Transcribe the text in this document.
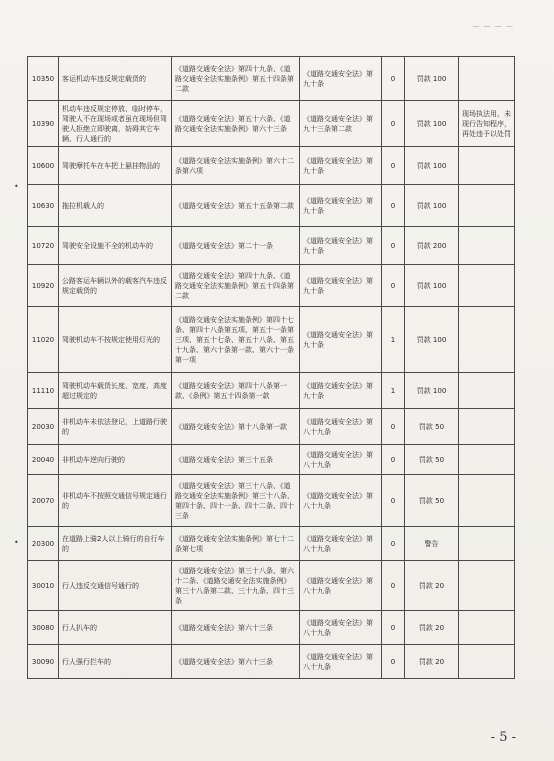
— — — —
•
•
10350	客运机动车违反规定载货的	《道路交通安全法》第四十九条、《道路交通安全法实施条例》第五十四条第二款	《道路交通安全法》第九十条	0	罚款 100	
10390	机动车违反规定停放、临时停车，驾驶人不在现场或者虽在现场但驾驶人拒绝立即驶离，妨碍其它车辆、行人通行的	《道路交通安全法》第五十六条、《道路交通安全法实施条例》第六十三条	《道路交通安全法》第九十三条第二款	0	罚款 100	现场执法用，未现行告知程序，再处违予以处罚
10600	驾驶摩托车在车把上悬挂物品的	《道路交通安全法实施条例》第六十二条第六项	《道路交通安全法》第九十条	0	罚款 100	
10630	拖拉机载人的	《道路交通安全法》第五十五条第二款	《道路交通安全法》第九十条	0	罚款 100	
10720	驾驶安全设施不全的机动车的	《道路交通安全法》第二十一条	《道路交通安全法》第九十条	0	罚款 200	
10920	公路客运车辆以外的载客汽车违反规定载货的	《道路交通安全法》第四十九条、《道路交通安全法实施条例》第五十四条第二款	《道路交通安全法》第九十条	0	罚款 100	
11020	驾驶机动车不按规定使用灯光的	《道路交通安全法实施条例》第四十七条、第四十八条第五项、第五十一条第三项、第五十七条、第五十八条、第五十九条、第六十条第一款、第六十一条第一项	《道路交通安全法》第九十条	1	罚款 100	
11110	驾驶机动车载货长度、宽度、高度超过规定的	《道路交通安全法》第四十八条第一款、《条例》第五十四条第一款	《道路交通安全法》第九十条	1	罚款 100	
20030	非机动车未依法登记，上道路行驶的	《道路交通安全法》第十八条第一款	《道路交通安全法》第八十九条	0	罚款 50	
20040	非机动车逆向行驶的	《道路交通安全法》第三十五条	《道路交通安全法》第八十九条	0	罚款 50	
20070	非机动车不按照交通信号规定通行的	《道路交通安全法》第三十八条、《道路交通安全法实施条例》第三十八条、第四十条、四十一条、四十二条、四十三条	《道路交通安全法》第八十九条	0	罚款 50	
20300	在道路上骑2人以上骑行的自行车的	《道路交通安全法实施条例》第七十二条第七项	《道路交通安全法》第八十九条	0	警告	
30010	行人违反交通信号通行的	《道路交通安全法》第三十八条、第六十二条、《道路交通安全法实施条例》第三十八条第二款、三十九条、四十三条	《道路交通安全法》第八十九条	0	罚款 20	
30080	行人扒车的	《道路交通安全法》第六十三条	《道路交通安全法》第八十九条	0	罚款 20	
30090	行人强行拦车的	《道路交通安全法》第六十三条	《道路交通安全法》第八十九条	0	罚款 20	
- 5 -
